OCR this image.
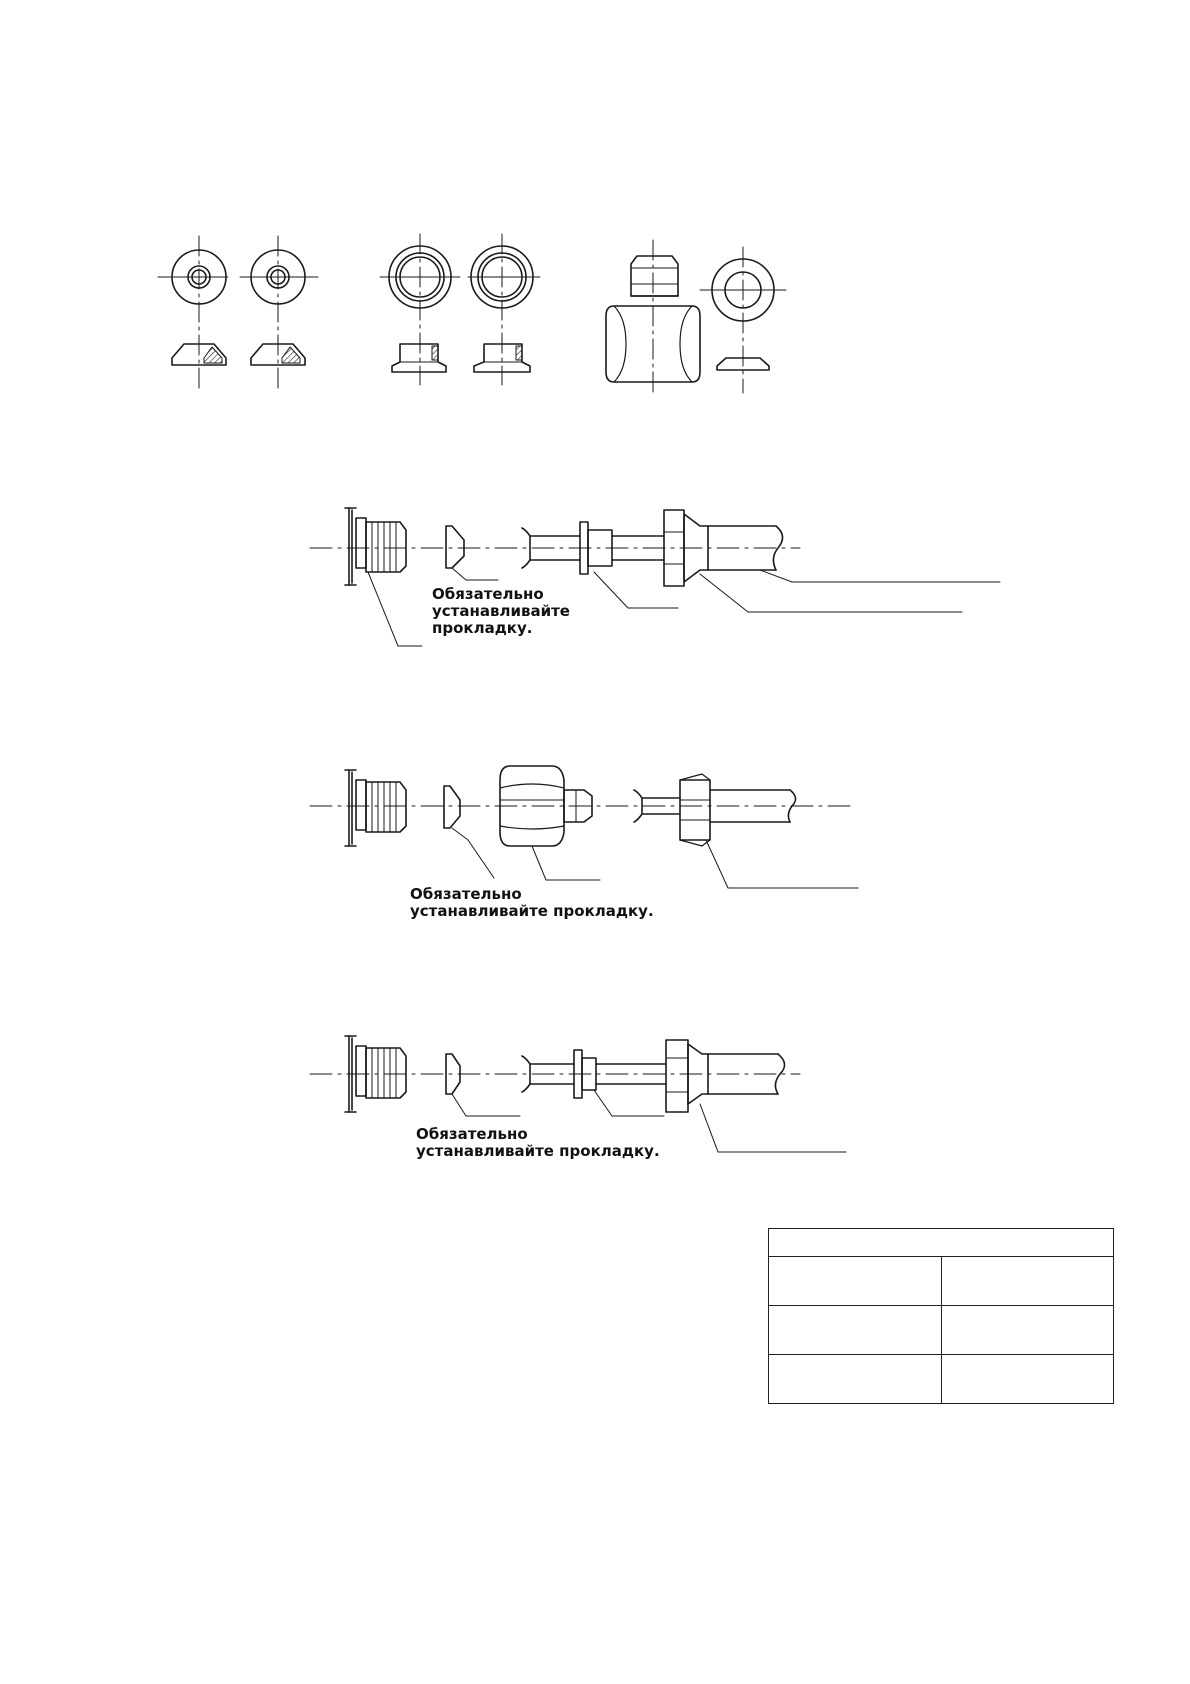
Обязательно
устанавливайте
прокладку.
Обязательно
устанавливайте прокладку.
Обязательно
устанавливайте прокладку.
